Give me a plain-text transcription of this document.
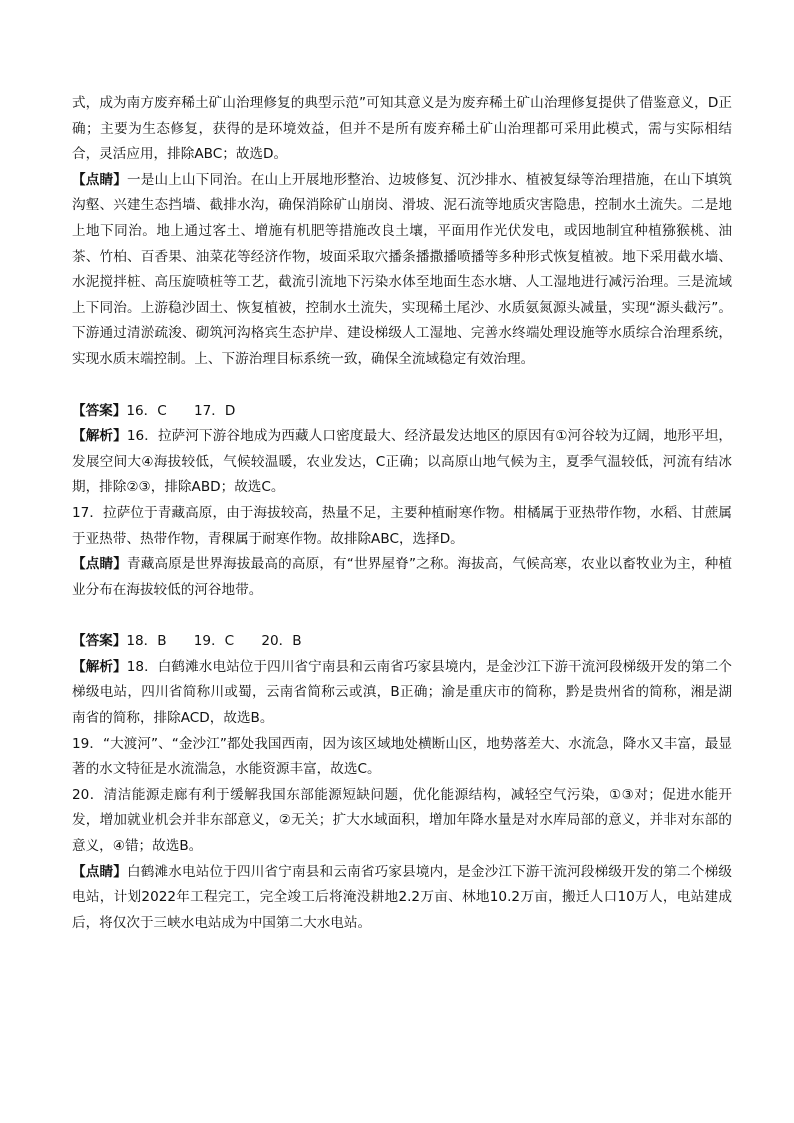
式，成为南方废弃稀土矿山治理修复的典型示范”可知其意义是为废弃稀土矿山治理修复提供了借鉴意义，D正确；主要为生态修复，获得的是环境效益，但并不是所有废弃稀土矿山治理都可采用此模式，需与实际相结合，灵活应用，排除ABC；故选D。

【点睛】一是山上山下同治。在山上开展地形整治、边坡修复、沉沙排水、植被复绿等治理措施，在山下填筑沟壑、兴建生态挡墙、截排水沟，确保消除矿山崩岗、滑坡、泥石流等地质灾害隐患，控制水土流失。二是地上地下同治。地上通过客土、增施有机肥等措施改良土壤，平面用作光伏发电，或因地制宜种植猕猴桃、油茶、竹柏、百香果、油菜花等经济作物，坡面采取穴播条播撒播喷播等多种形式恢复植被。地下采用截水墙、水泥搅拌桩、高压旋喷桩等工艺，截流引流地下污染水体至地面生态水塘、人工湿地进行减污治理。三是流域上下同治。上游稳沙固土、恢复植被，控制水土流失，实现稀土尾沙、水质氨氮源头减量，实现“源头截污”。下游通过清淤疏浚、砌筑河沟格宾生态护岸、建设梯级人工湿地、完善水终端处理设施等水质综合治理系统，实现水质末端控制。上、下游治理目标系统一致，确保全流域稳定有效治理。

【答案】16．C　　17．D

【解析】16．拉萨河下游谷地成为西藏人口密度最大、经济最发达地区的原因有①河谷较为辽阔，地形平坦，发展空间大④海拔较低，气候较温暖，农业发达，C正确；以高原山地气候为主，夏季气温较低，河流有结冰期，排除②③，排除ABD；故选C。

17．拉萨位于青藏高原，由于海拔较高，热量不足，主要种植耐寒作物。柑橘属于亚热带作物，水稻、甘蔗属于亚热带、热带作物，青稞属于耐寒作物。故排除ABC，选择D。

【点睛】青藏高原是世界海拔最高的高原，有“世界屋脊”之称。海拔高，气候高寒，农业以畜牧业为主，种植业分布在海拔较低的河谷地带。

【答案】18．B　　19．C　　20．B

【解析】18．白鹤滩水电站位于四川省宁南县和云南省巧家县境内，是金沙江下游干流河段梯级开发的第二个梯级电站，四川省简称川或蜀，云南省简称云或滇，B正确；渝是重庆市的简称，黔是贵州省的简称，湘是湖南省的简称，排除ACD，故选B。

19．“大渡河”、“金沙江”都处我国西南，因为该区域地处横断山区，地势落差大、水流急，降水又丰富，最显著的水文特征是水流湍急，水能资源丰富，故选C。

20．清洁能源走廊有利于缓解我国东部能源短缺问题，优化能源结构，减轻空气污染，①③对；促进水能开发，增加就业机会并非东部意义，②无关；扩大水域面积，增加年降水量是对水库局部的意义，并非对东部的意义，④错；故选B。

【点睛】白鹤滩水电站位于四川省宁南县和云南省巧家县境内，是金沙江下游干流河段梯级开发的第二个梯级电站，计划2022年工程完工，完全竣工后将淹没耕地2.2万亩、林地10.2万亩，搬迁人口10万人，电站建成后，将仅次于三峡水电站成为中国第二大水电站。
